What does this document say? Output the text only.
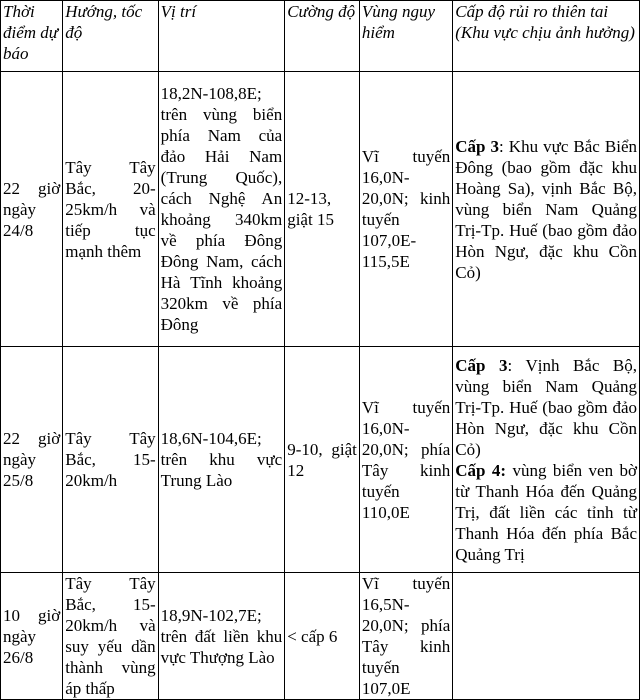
Thời điểm dự báo	Hướng, tốc độ	Vị trí	Cường độ	Vùng nguy hiểm	Cấp độ rủi ro thiên tai (Khu vực chịu ảnh hưởng)
22 giờ ngày 24/8	Tây Tây Bắc, 20-25km/h và tiếp tục mạnh thêm	18,2N-108,8E; trên vùng biển phía Nam của đảo Hải Nam (Trung Quốc), cách Nghệ An khoảng 340km về phía Đông Đông Nam, cách Hà Tĩnh khoảng 320km về phía Đông	12-13, giật 15	Vĩ tuyến 16,0N-20,0N; kinh tuyến 107,0E-115,5E	Cấp 3: Khu vực Bắc Biển Đông (bao gồm đặc khu Hoàng Sa), vịnh Bắc Bộ, vùng biển Nam Quảng Trị-Tp. Huế (bao gồm đảo Hòn Ngư, đặc khu Cồn Cỏ)

22 giờ ngày 25/8	Tây Tây Bắc, 15-20km/h	18,6N-104,6E; trên khu vực Trung Lào	9-10, giật 12	Vĩ tuyến 16,0N-20,0N; phía Tây kinh tuyến 110,0E	Cấp 3: Vịnh Bắc Bộ, vùng biển Nam Quảng Trị-Tp. Huế (bao gồm đảo Hòn Ngư, đặc khu Cồn Cỏ)
Cấp 4: vùng biển ven bờ từ Thanh Hóa đến Quảng Trị, đất liền các tỉnh từ Thanh Hóa đến phía Bắc Quảng Trị

10 giờ ngày 26/8	Tây Tây Bắc, 15-20km/h và suy yếu dần thành vùng áp thấp	18,9N-102,7E; trên đất liền khu vực Thượng Lào	< cấp 6	Vĩ tuyến 16,5N-20,0N; phía Tây kinh tuyến 107,0E	
